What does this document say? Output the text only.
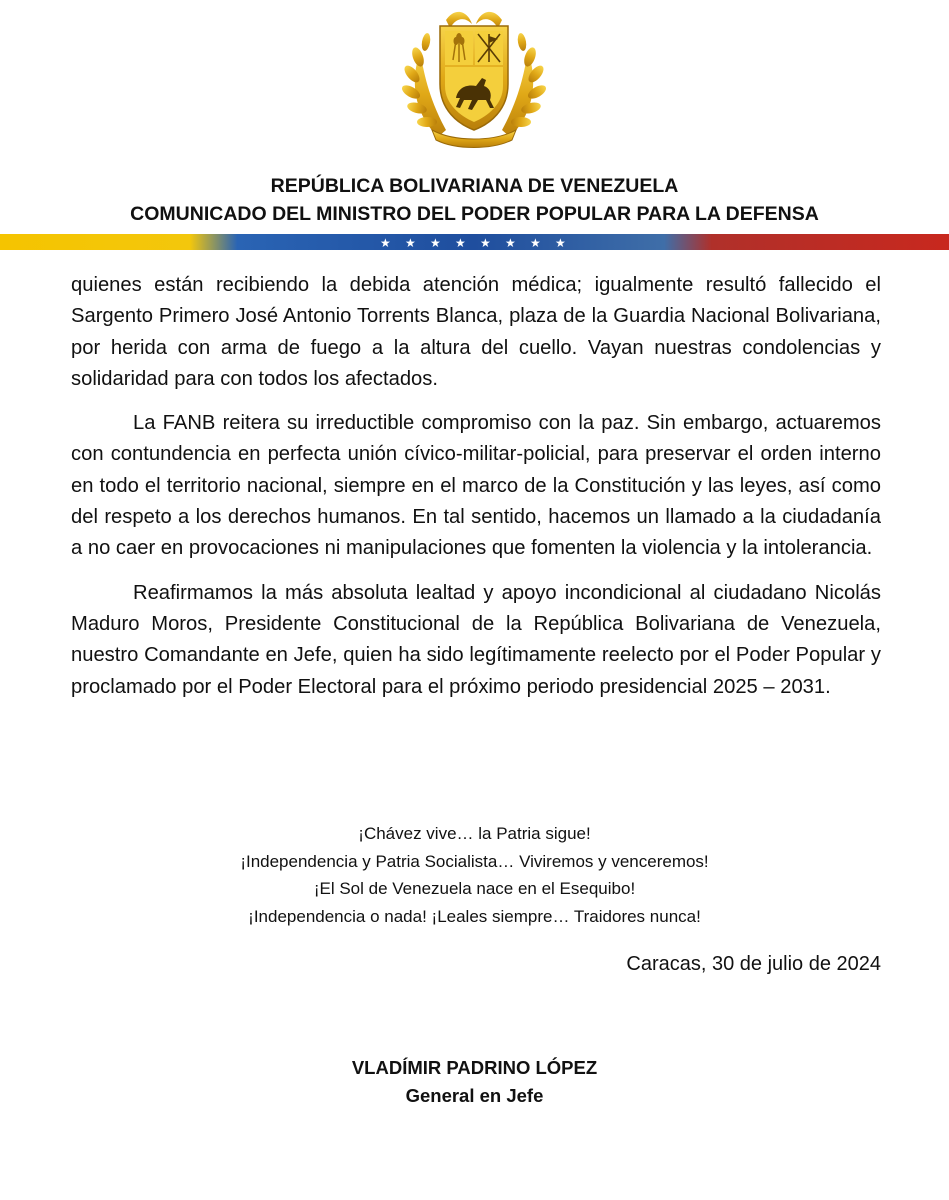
REPÚBLICA BOLIVARIANA DE VENEZUELA
COMUNICADO DEL MINISTRO DEL PODER POPULAR PARA LA DEFENSA
★ ★ ★ ★ ★ ★ ★ ★

quienes están recibiendo la debida atención médica; igualmente resultó fallecido el Sargento Primero José Antonio Torrents Blanca, plaza de la Guardia Nacional Bolivariana, por herida con arma de fuego a la altura del cuello. Vayan nuestras condolencias y solidaridad para con todos los afectados.

La FANB reitera su irreductible compromiso con la paz. Sin embargo, actuaremos con contundencia en perfecta unión cívico-militar-policial, para preservar el orden interno en todo el territorio nacional, siempre en el marco de la Constitución y las leyes, así como del respeto a los derechos humanos. En tal sentido, hacemos un llamado a la ciudadanía a no caer en provocaciones ni manipulaciones que fomenten la violencia y la intolerancia.

Reafirmamos la más absoluta lealtad y apoyo incondicional al ciudadano Nicolás Maduro Moros, Presidente Constitucional de la República Bolivariana de Venezuela, nuestro Comandante en Jefe, quien ha sido legítimamente reelecto por el Poder Popular y proclamado por el Poder Electoral para el próximo periodo presidencial 2025 – 2031.

¡Chávez vive… la Patria sigue!
¡Independencia y Patria Socialista… Viviremos y venceremos!
¡El Sol de Venezuela nace en el Esequibo!
¡Independencia o nada! ¡Leales siempre… Traidores nunca!
Caracas, 30 de julio de 2024
VLADÍMIR PADRINO LÓPEZ
General en Jefe
